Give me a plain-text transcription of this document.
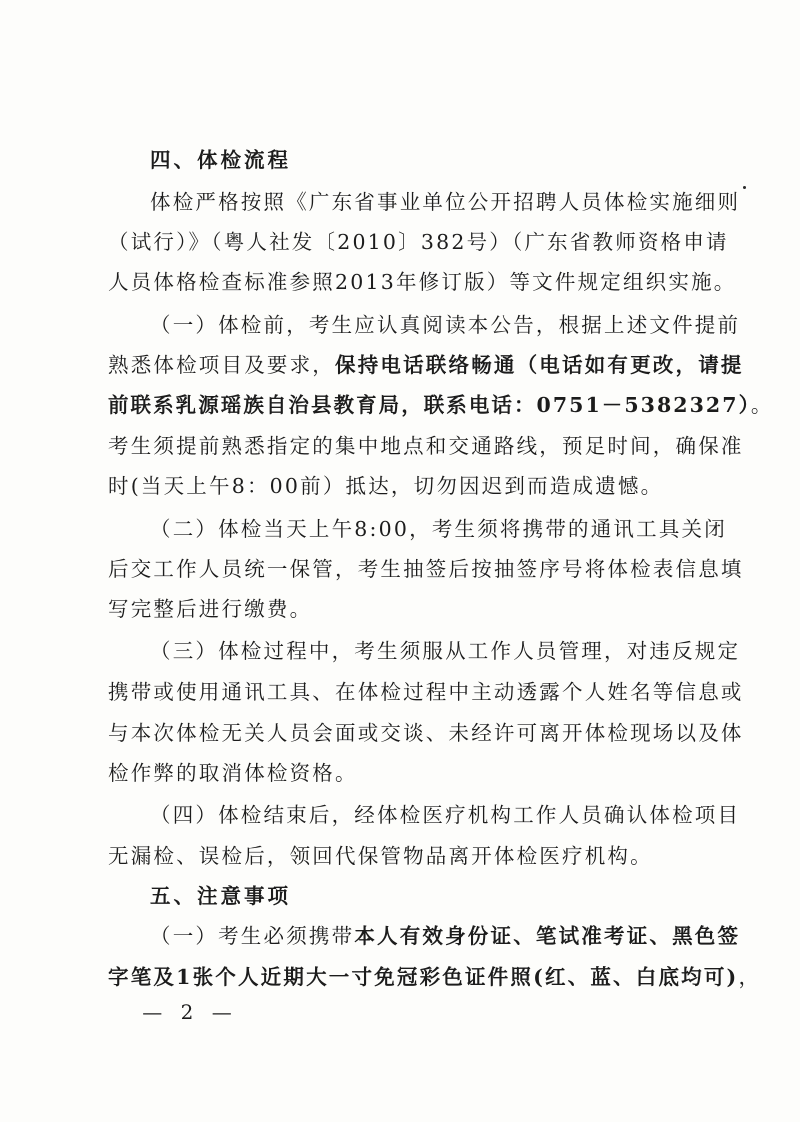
四、体检流程
体检严格按照《广东省事业单位公开招聘人员体检实施细则
（试行）》（粤人社发〔2010〕382号）（广东省教师资格申请
人员体格检查标准参照2013年修订版）等文件规定组织实施。
（一）体检前，考生应认真阅读本公告，根据上述文件提前
熟悉体检项目及要求，保持电话联络畅通（电话如有更改，请提
前联系乳源瑶族自治县教育局，联系电话：0751－5382327）。
考生须提前熟悉指定的集中地点和交通路线，预足时间，确保准
时(当天上午8：00前）抵达，切勿因迟到而造成遗憾。
（二）体检当天上午8:00，考生须将携带的通讯工具关闭
后交工作人员统一保管，考生抽签后按抽签序号将体检表信息填
写完整后进行缴费。
（三）体检过程中，考生须服从工作人员管理，对违反规定
携带或使用通讯工具、在体检过程中主动透露个人姓名等信息或
与本次体检无关人员会面或交谈、未经许可离开体检现场以及体
检作弊的取消体检资格。
（四）体检结束后，经体检医疗机构工作人员确认体检项目
无漏检、误检后，领回代保管物品离开体检医疗机构。
五、注意事项
（一）考生必须携带本人有效身份证、笔试准考证、黑色签
字笔及1张个人近期大一寸免冠彩色证件照(红、蓝、白底均可)，
— 2 —
